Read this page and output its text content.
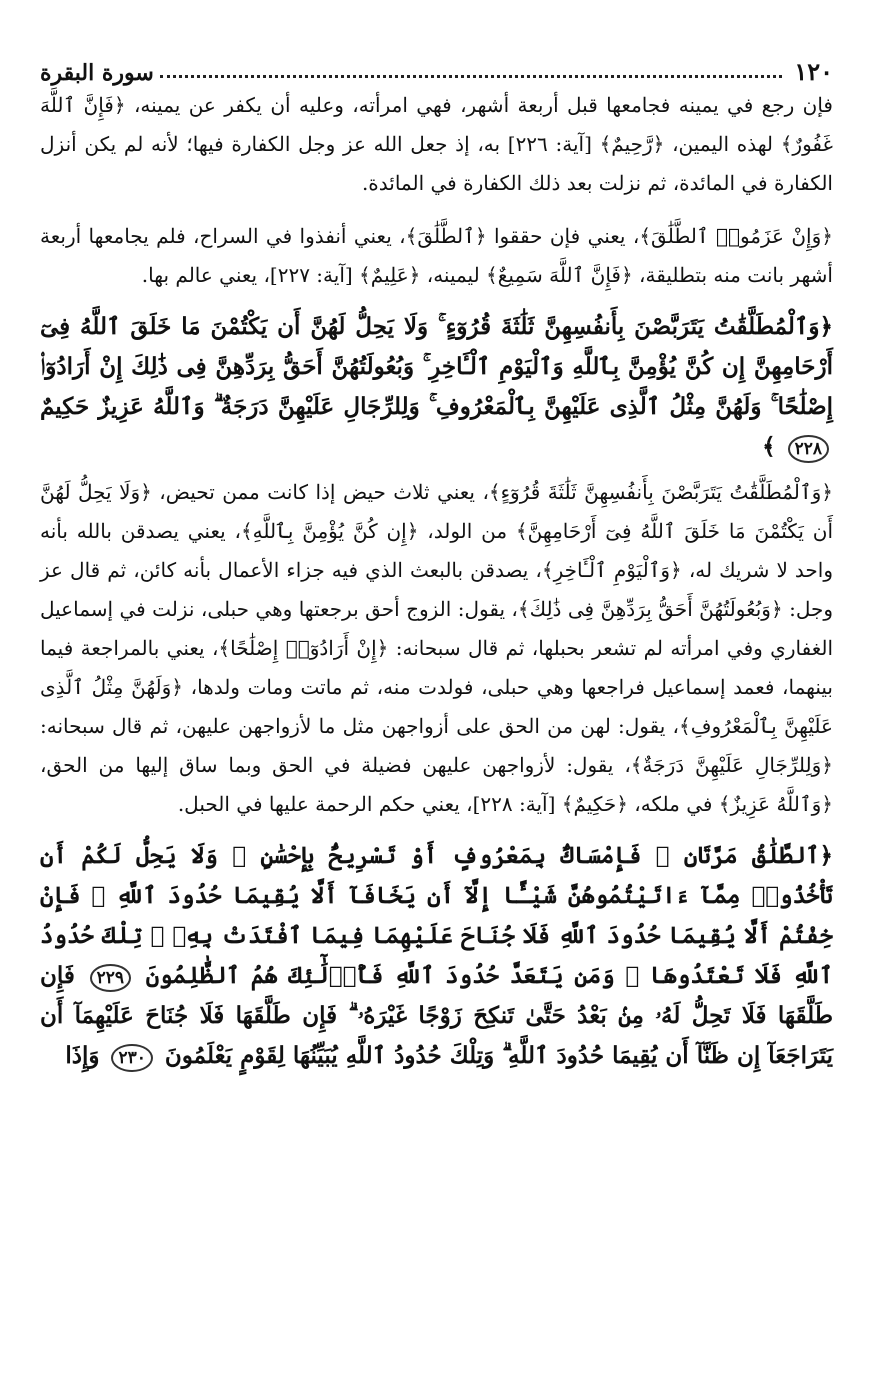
١٢٠
سورة البقرة

فإن رجع في يمينه فجامعها قبل أربعة أشهر، فهي امرأته، وعليه أن يكفر عن يمينه، ﴿فَإِنَّ ٱللَّهَ غَفُورٌ﴾ لهذه اليمين، ﴿رَّحِيمٌ﴾ [آية: ٢٢٦] به، إذ جعل الله عز وجل الكفارة فيها؛ لأنه لم يكن أنزل الكفارة في المائدة، ثم نزلت بعد ذلك الكفارة في المائدة.

﴿وَإِنْ عَزَمُوا۟ ٱلطَّلَٰقَ﴾، يعني فإن حققوا ﴿ٱلطَّلَٰقَ﴾، يعني أنفذوا في السراح، فلم يجامعها أربعة أشهر بانت منه بتطليقة، ﴿فَإِنَّ ٱللَّهَ سَمِيعٌ﴾ ليمينه، ﴿عَلِيمٌ﴾ [آية: ٢٢٧]، يعني عالم بها.

﴿وَٱلْمُطَلَّقَٰتُ يَتَرَبَّصْنَ بِأَنفُسِهِنَّ ثَلَٰثَةَ قُرُوٓءٍ ۚ وَلَا يَحِلُّ لَهُنَّ أَن يَكْتُمْنَ مَا خَلَقَ ٱللَّهُ فِىٓ أَرْحَامِهِنَّ إِن كُنَّ يُؤْمِنَّ بِٱللَّهِ وَٱلْيَوْمِ ٱلْـَٔاخِرِ ۚ وَبُعُولَتُهُنَّ أَحَقُّ بِرَدِّهِنَّ فِى ذَٰلِكَ إِنْ أَرَادُوٓا۟ إِصْلَٰحًا ۚ وَلَهُنَّ مِثْلُ ٱلَّذِى عَلَيْهِنَّ بِٱلْمَعْرُوفِ ۚ وَلِلرِّجَالِ عَلَيْهِنَّ دَرَجَةٌ ۗ وَٱللَّهُ عَزِيزٌ حَكِيمٌ ٢٢٨ ﴾

﴿وَٱلْمُطَلَّقَٰتُ يَتَرَبَّصْنَ بِأَنفُسِهِنَّ ثَلَٰثَةَ قُرُوٓءٍ﴾، يعني ثلاث حيض إذا كانت ممن تحيض، ﴿وَلَا يَحِلُّ لَهُنَّ أَن يَكْتُمْنَ مَا خَلَقَ ٱللَّهُ فِىٓ أَرْحَامِهِنَّ﴾ من الولد، ﴿إِن كُنَّ يُؤْمِنَّ بِٱللَّهِ﴾، يعني يصدقن بالله بأنه واحد لا شريك له، ﴿وَٱلْيَوْمِ ٱلْـَٔاخِرِ﴾، يصدقن بالبعث الذي فيه جزاء الأعمال بأنه كائن، ثم قال عز وجل: ﴿وَبُعُولَتُهُنَّ أَحَقُّ بِرَدِّهِنَّ فِى ذَٰلِكَ﴾، يقول: الزوج أحق برجعتها وهي حبلى، نزلت في إسماعيل الغفاري وفي امرأته لم تشعر بحبلها، ثم قال سبحانه: ﴿إِنْ أَرَادُوٓا۟ إِصْلَٰحًا﴾، يعني بالمراجعة فيما بينهما، فعمد إسماعيل فراجعها وهي حبلى، فولدت منه، ثم ماتت ومات ولدها، ﴿وَلَهُنَّ مِثْلُ ٱلَّذِى عَلَيْهِنَّ بِٱلْمَعْرُوفِ﴾، يقول: لهن من الحق على أزواجهن مثل ما لأزواجهن عليهن، ثم قال سبحانه: ﴿وَلِلرِّجَالِ عَلَيْهِنَّ دَرَجَةٌ﴾، يقول: لأزواجهن عليهن فضيلة في الحق وبما ساق إليها من الحق، ﴿وَٱللَّهُ عَزِيزٌ﴾ في ملكه، ﴿حَكِيمٌ﴾ [آية: ٢٢٨]، يعني حكم الرحمة عليها في الحبل.

﴿ٱلطَّلَٰقُ مَرَّتَانِ ۖ فَإِمْسَاكٌۢ بِمَعْرُوفٍ أَوْ تَسْرِيحٌۢ بِإِحْسَٰنٍ ۗ وَلَا يَحِلُّ لَكُمْ أَن تَأْخُذُوا۟ مِمَّآ ءَاتَيْتُمُوهُنَّ شَيْـًٔا إِلَّآ أَن يَخَافَآ أَلَّا يُقِيمَا حُدُودَ ٱللَّهِ ۖ فَإِنْ خِفْتُمْ أَلَّا يُقِيمَا حُدُودَ ٱللَّهِ فَلَا جُنَاحَ عَلَيْهِمَا فِيمَا ٱفْتَدَتْ بِهِۦ ۗ تِلْكَ حُدُودُ ٱللَّهِ فَلَا تَعْتَدُوهَا ۚ وَمَن يَتَعَدَّ حُدُودَ ٱللَّهِ فَأُو۟لَٰٓئِكَ هُمُ ٱلظَّٰلِمُونَ ٢٢٩ فَإِن طَلَّقَهَا فَلَا تَحِلُّ لَهُۥ مِنۢ بَعْدُ حَتَّىٰ تَنكِحَ زَوْجًا غَيْرَهُۥ ۗ فَإِن طَلَّقَهَا فَلَا جُنَاحَ عَلَيْهِمَآ أَن يَتَرَاجَعَآ إِن ظَنَّآ أَن يُقِيمَا حُدُودَ ٱللَّهِ ۗ وَتِلْكَ حُدُودُ ٱللَّهِ يُبَيِّنُهَا لِقَوْمٍ يَعْلَمُونَ ٢٣٠ وَإِذَا
